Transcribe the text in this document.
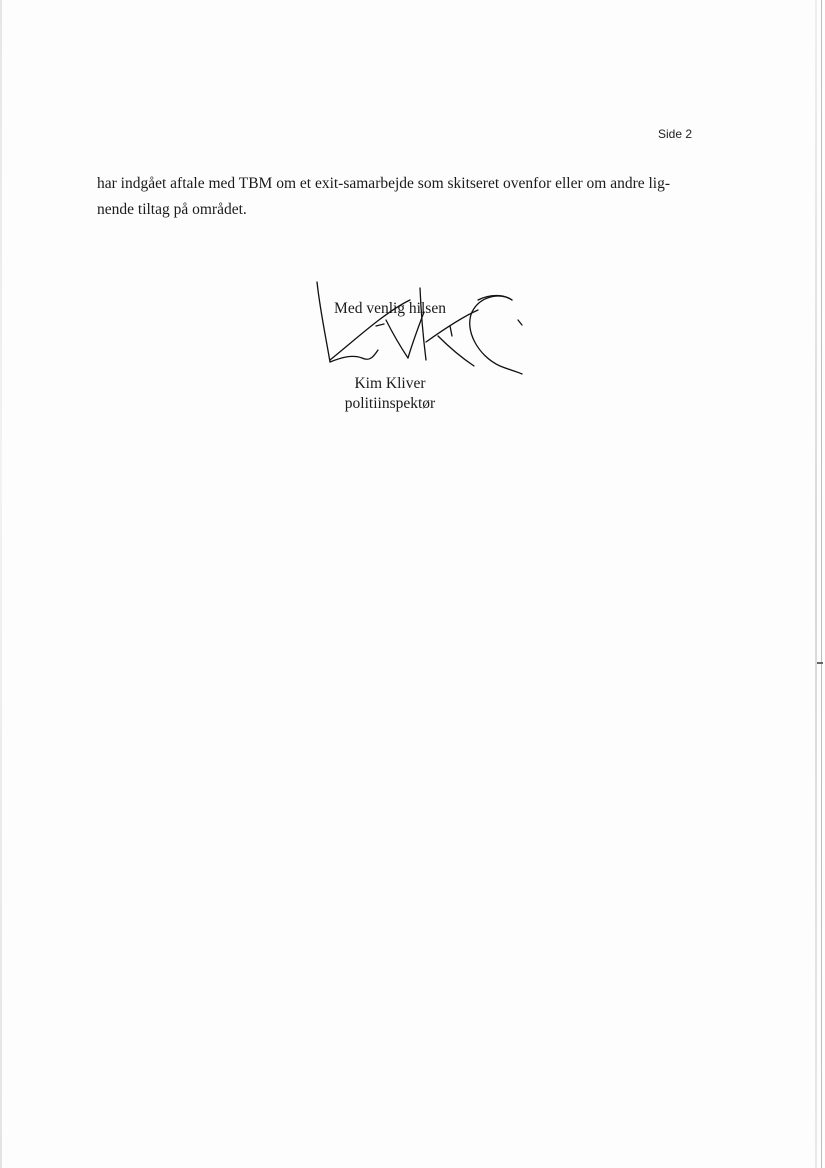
Side 2
har indgået aftale med TBM om et exit-samarbejde som skitseret ovenfor eller om andre lig-
nende tiltag på området.
Med venlig hilsen
Kim Kliver
politiinspektør
